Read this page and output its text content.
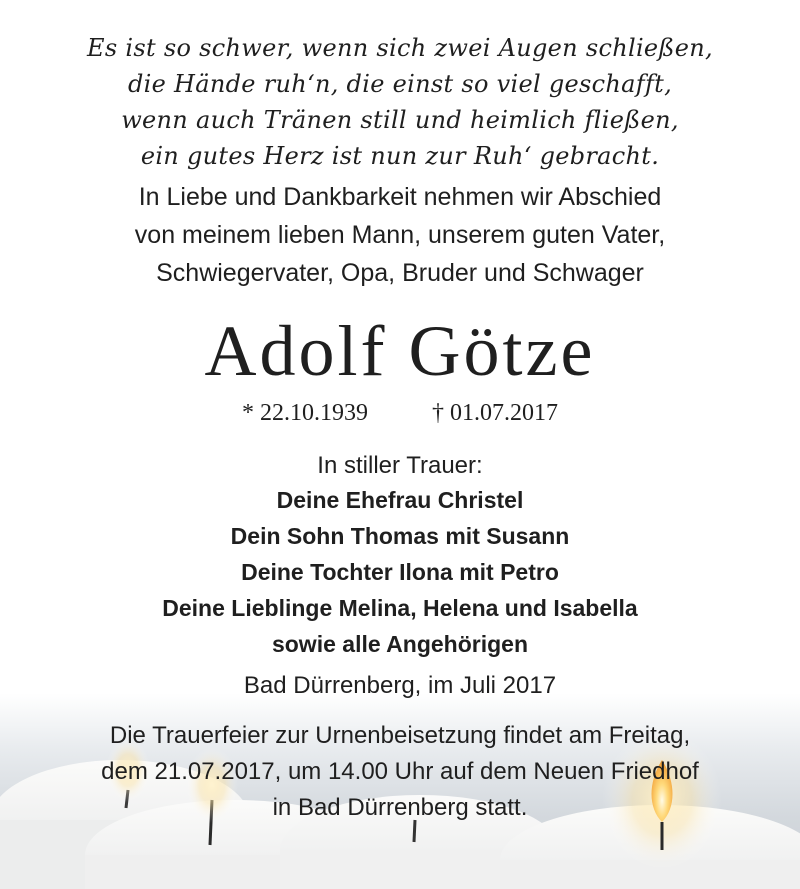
Es ist so schwer, wenn sich zwei Augen schließen,
die Hände ruh‘n, die einst so viel geschafft,
wenn auch Tränen still und heimlich fließen,
ein gutes Herz ist nun zur Ruh‘ gebracht.
In Liebe und Dankbarkeit nehmen wir Abschied
von meinem lieben Mann, unserem guten Vater,
Schwiegervater, Opa, Bruder und Schwager
Adolf Götze
* 22.10.1939	† 01.07.2017
In stiller Trauer:
Deine Ehefrau Christel
Dein Sohn Thomas mit Susann
Deine Tochter Ilona mit Petro
Deine Lieblinge Melina, Helena und Isabella
sowie alle Angehörigen
Bad Dürrenberg, im Juli 2017
Die Trauerfeier zur Urnenbeisetzung findet am Freitag,
dem 21.07.2017, um 14.00 Uhr auf dem Neuen Friedhof
in Bad Dürrenberg statt.
